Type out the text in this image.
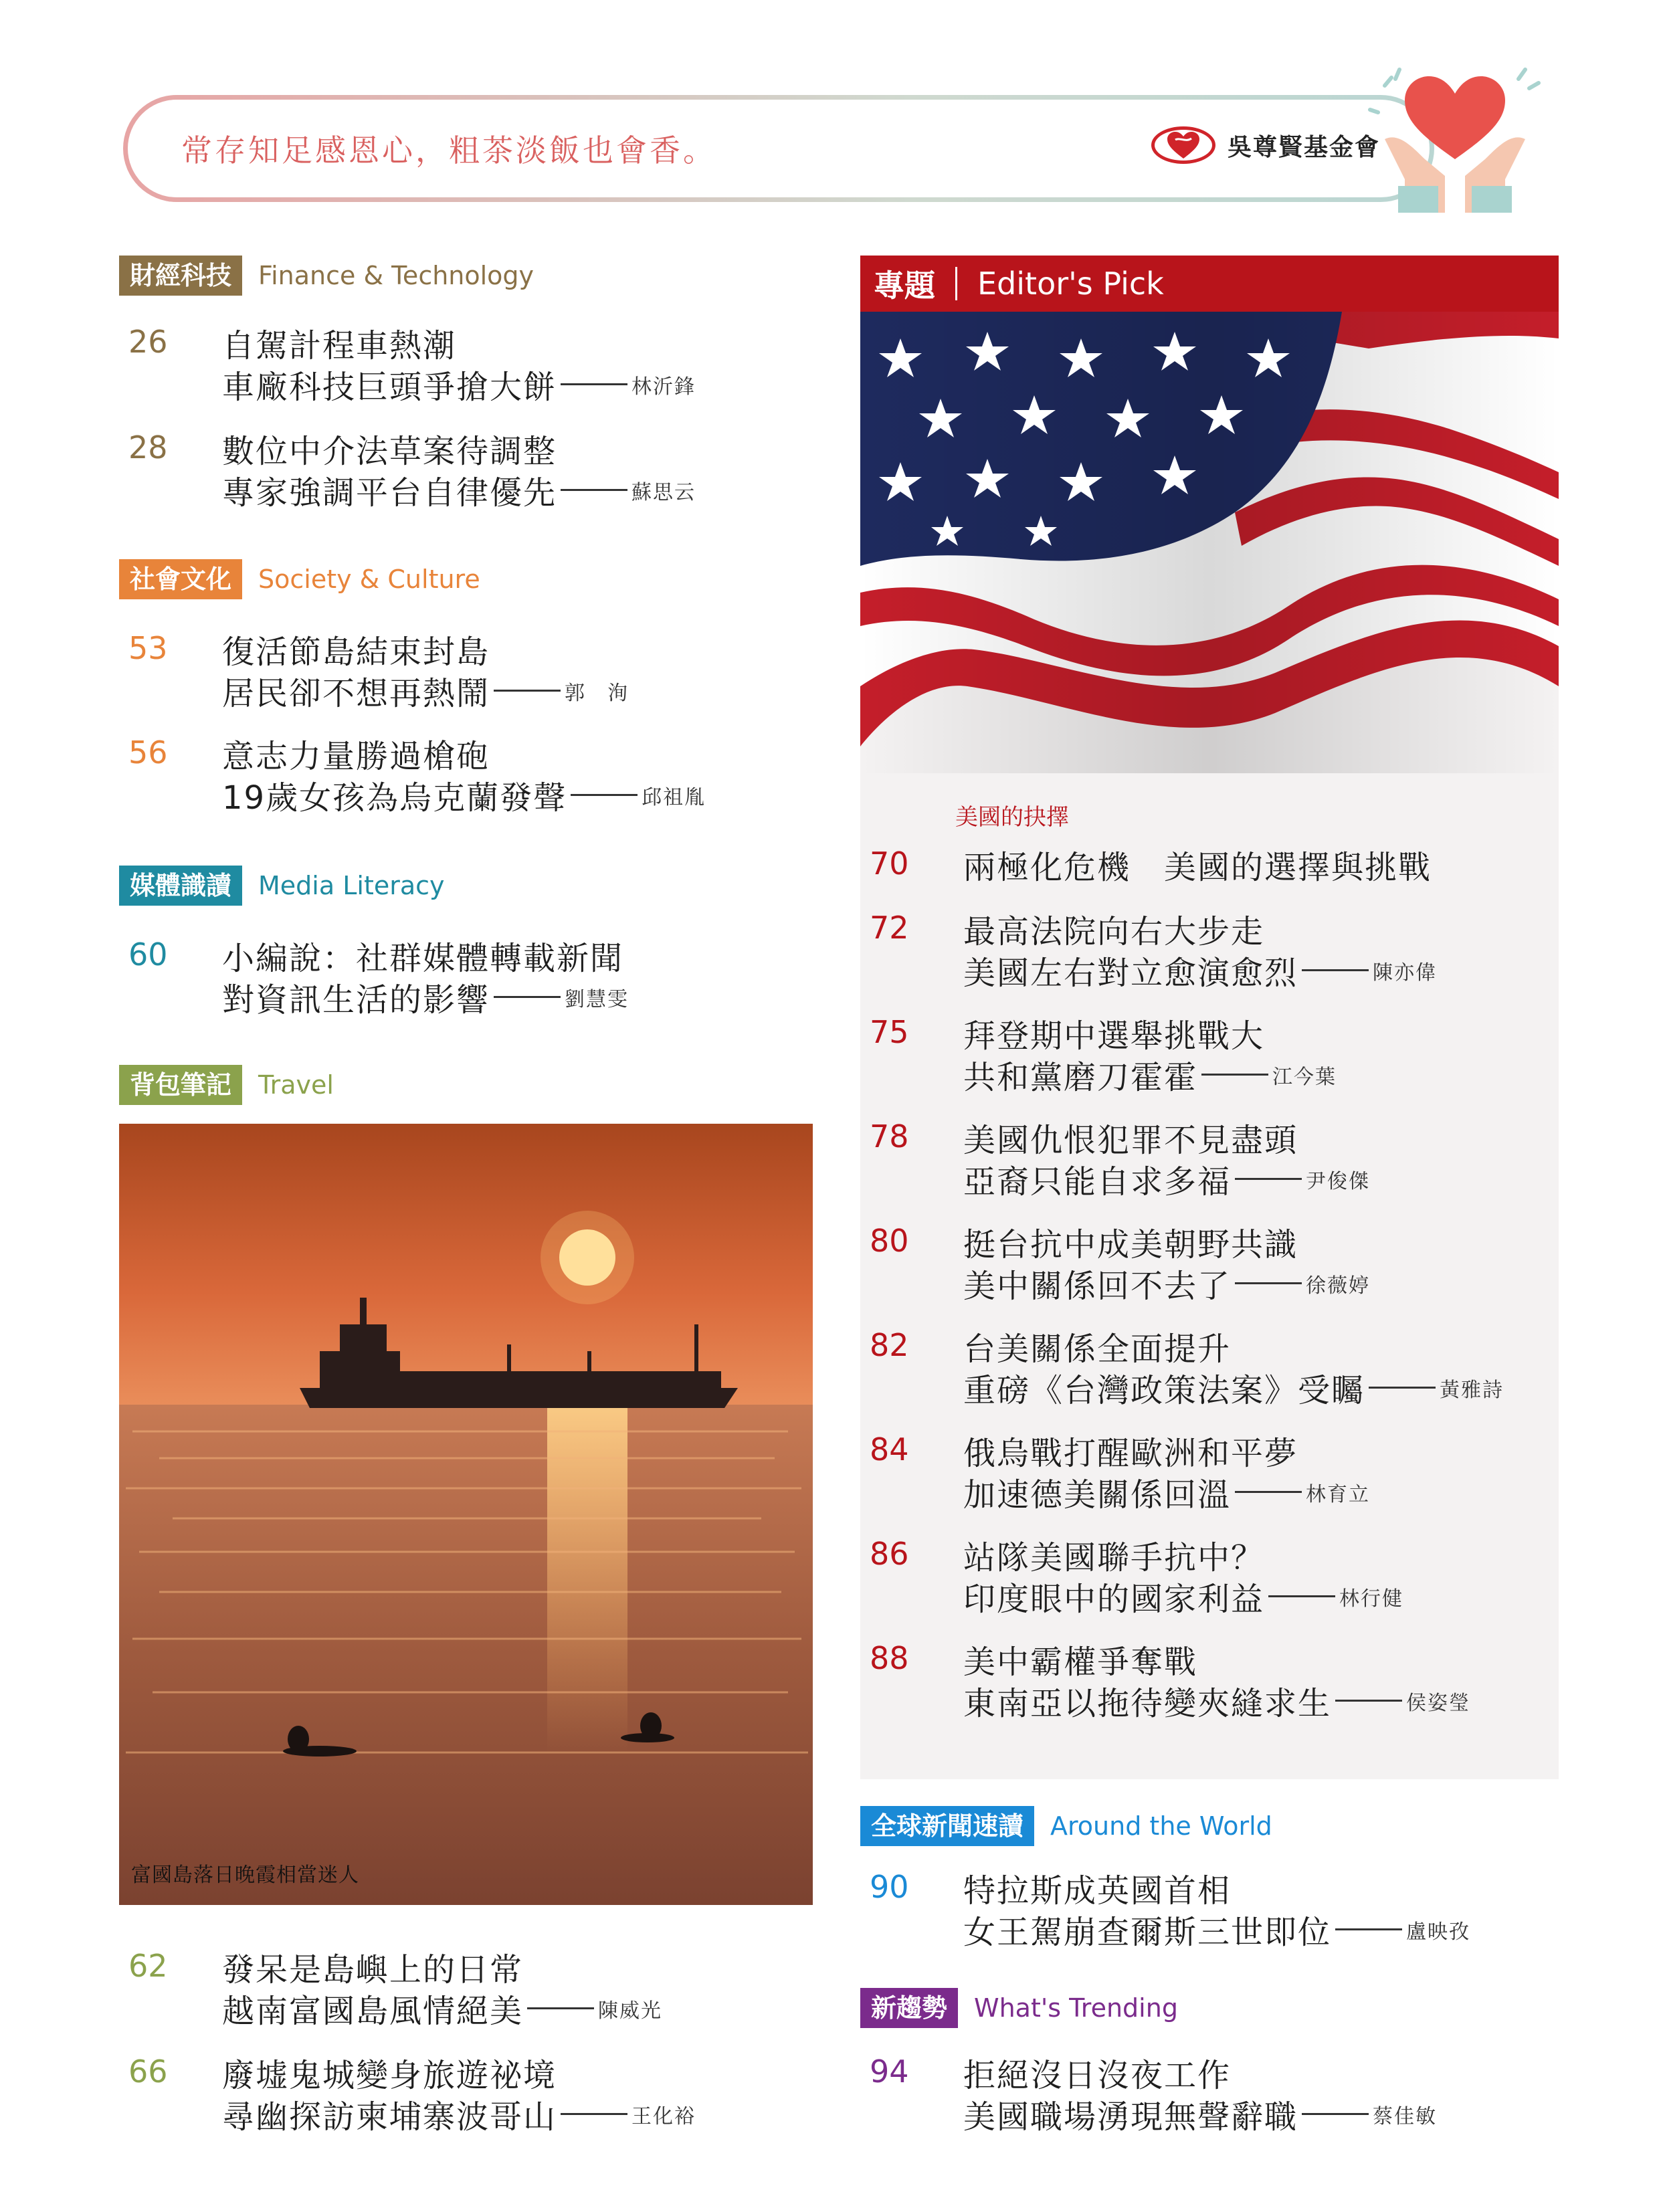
常存知足感恩心，粗茶淡飯也會香。	吳尊賢基金會
財經科技	Finance & Technology
26 自駕計程車熱潮
車廠科技巨頭爭搶大餅	林沂鋒
28 數位中介法草案待調整
專家強調平台自律優先	蘇思云
社會文化	Society & Culture
53 復活節島結束封島
居民卻不想再熱鬧	郭　洵
56 意志力量勝過槍砲
19歲女孩為烏克蘭發聲	邱祖胤
媒體識讀	Media Literacy
60 小編說：社群媒體轉載新聞
對資訊生活的影響	劉慧雯
背包筆記	Travel
富國島落日晚霞相當迷人
62 發呆是島嶼上的日常
越南富國島風情絕美	陳威光
66 廢墟鬼城變身旅遊祕境
尋幽探訪柬埔寨波哥山	王化裕
專題 Editor's Pick
美國的抉擇
70 兩極化危機　美國的選擇與挑戰
72 最高法院向右大步走
美國左右對立愈演愈烈	陳亦偉
75 拜登期中選舉挑戰大
共和黨磨刀霍霍	江今葉
78 美國仇恨犯罪不見盡頭
亞裔只能自求多福	尹俊傑
80 挺台抗中成美朝野共識
美中關係回不去了	徐薇婷
82 台美關係全面提升
重磅《台灣政策法案》受矚	黃雅詩
84 俄烏戰打醒歐洲和平夢
加速德美關係回溫	林育立
86 站隊美國聯手抗中？
印度眼中的國家利益	林行健
88 美中霸權爭奪戰
東南亞以拖待變夾縫求生	侯姿瑩
全球新聞速讀	Around the World
90 特拉斯成英國首相
女王駕崩查爾斯三世即位	盧映孜
新趨勢	What's Trending
94 拒絕沒日沒夜工作
美國職場湧現無聲辭職	蔡佳敏
